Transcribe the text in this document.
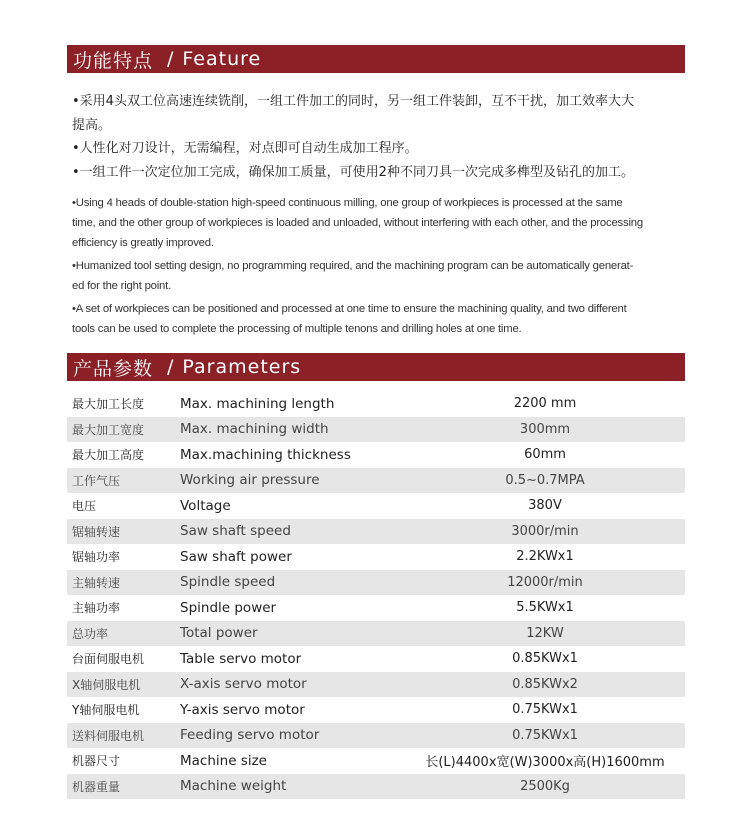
功能特点 / Feature

•采用4头双工位高速连续铣削，一组工件加工的同时，另一组工件装卸，互不干扰，加工效率大大

提高。

•人性化对刀设计，无需编程，对点即可自动生成加工程序。

•一组工件一次定位加工完成，确保加工质量，可使用2种不同刀具一次完成多榫型及钻孔的加工。

•Using 4 heads of double-station high-speed continuous milling, one group of workpieces is processed at the same

time, and the other group of workpieces is loaded and unloaded, without interfering with each other, and the processing

efficiency is greatly improved.

•Humanized tool setting design, no programming required, and the machining program can be automatically generat-

ed for the right point.

•A set of workpieces can be positioned and processed at one time to ensure the machining quality, and two different

tools can be used to complete the processing of multiple tenons and drilling holes at one time.

产品参数 / Parameters
最大加工长度	Max. machining length	2200 mm
最大加工宽度	Max. machining width	300mm
最大加工高度	Max.machining thickness	60mm
工作气压	Working air pressure	0.5~0.7MPA
电压	Voltage	380V
锯轴转速	Saw shaft speed	3000r/min
锯轴功率	Saw shaft power	2.2KWx1
主轴转速	Spindle speed	12000r/min
主轴功率	Spindle power	5.5KWx1
总功率	Total power	12KW
台面伺服电机	Table servo motor	0.85KWx1
X轴伺服电机	X-axis servo motor	0.85KWx2
Y轴伺服电机	Y-axis servo motor	0.75KWx1
送料伺服电机	Feeding servo motor	0.75KWx1
机器尺寸	Machine size	长(L)4400x宽(W)3000x高(H)1600mm
机器重量	Machine weight	2500Kg
